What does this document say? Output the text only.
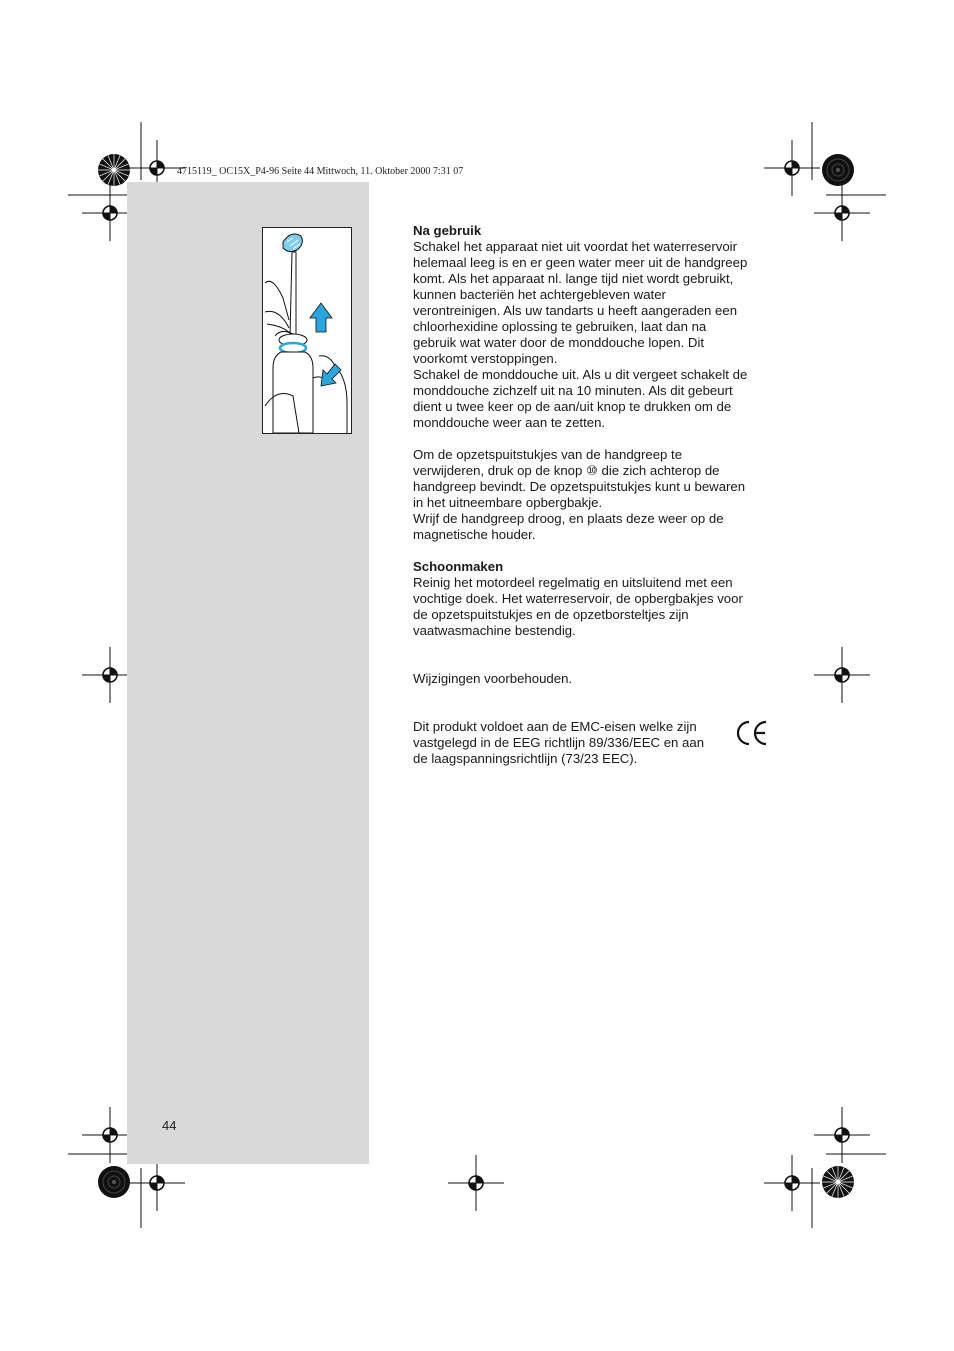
4715119_ OC15X_P4-96 Seite 44 Mittwoch, 11. Oktober 2000 7:31 07
Na gebruik

Schakel het apparaat niet uit voordat het waterreservoir

helemaal leeg is en er geen water meer uit de handgreep

komt. Als het apparaat nl. lange tijd niet wordt gebruikt,

kunnen bacteriën het achtergebleven water

verontreinigen. Als uw tandarts u heeft aangeraden een

chloorhexidine oplossing te gebruiken, laat dan na

gebruik wat water door de monddouche lopen. Dit

voorkomt verstoppingen.

Schakel de monddouche uit. Als u dit vergeet schakelt de

monddouche zichzelf uit na 10 minuten. Als dit gebeurt

dient u twee keer op de aan/uit knop te drukken om de

monddouche weer aan te zetten.

Om de opzetspuitstukjes van de handgreep te

verwijderen, druk op de knop ⑩ die zich achterop de

handgreep bevindt. De opzetspuitstukjes kunt u bewaren

in het uitneembare opbergbakje.

Wrijf de handgreep droog, en plaats deze weer op de

magnetische houder.

Schoonmaken

Reinig het motordeel regelmatig en uitsluitend met een

vochtige doek. Het waterreservoir, de opbergbakjes voor

de opzetspuitstukjes en de opzetborsteltjes zijn

vaatwasmachine bestendig.

Wijzigingen voorbehouden.

Dit produkt voldoet aan de EMC-eisen welke zijn

vastgelegd in de EEG richtlijn 89/336/EEC en aan

de laagspanningsrichtlijn (73/23 EEC).

44
